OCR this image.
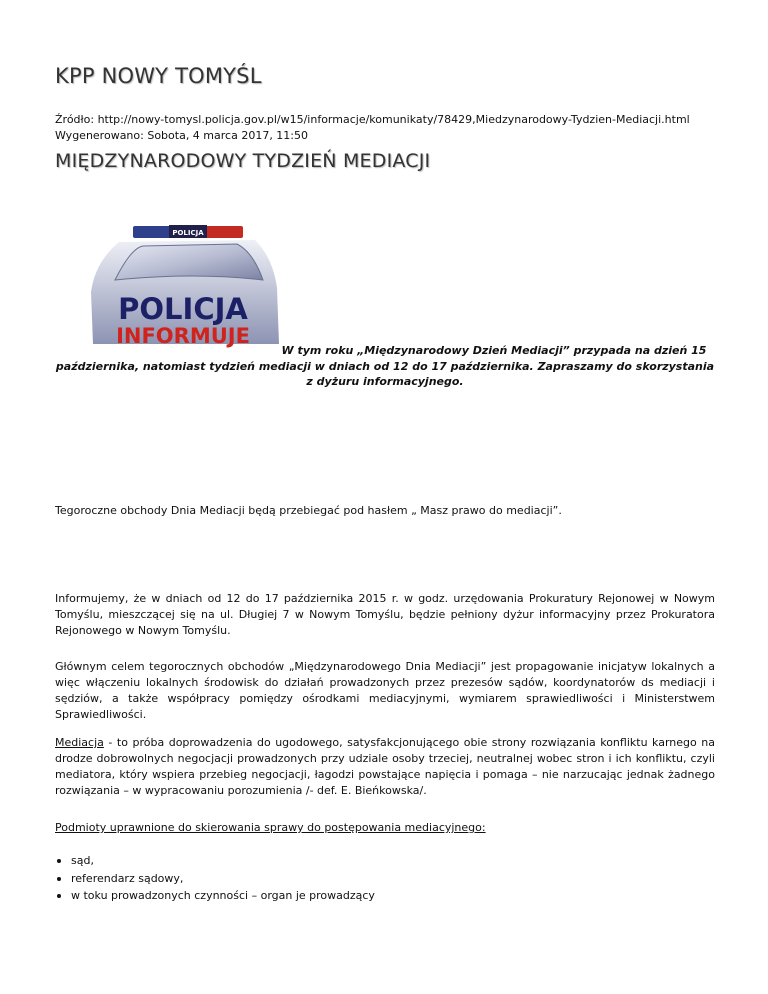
KPP NOWY TOMYŚL
Źródło: http://nowy-tomysl.policja.gov.pl/w15/informacje/komunikaty/78429,Miedzynarodowy-Tydzien-Mediacji.html
Wygenerowano: Sobota, 4 marca 2017, 11:50
MIĘDZYNARODOWY TYDZIEŃ MEDIACJI
POLICJA
POLICJA
INFORMUJE
W tym roku „Międzynarodowy Dzień Mediacji” przypada na dzień 15 października, natomiast tydzień mediacji w dniach od 12 do 17 października. Zapraszamy do skorzystania z dyżuru informacyjnego.

Tegoroczne obchody Dnia Mediacji będą przebiegać pod hasłem „ Masz prawo do mediacji”.

Informujemy, że w dniach od 12 do 17 października 2015 r. w godz. urzędowania Prokuratury Rejonowej w Nowym Tomyślu, mieszczącej się na ul. Długiej 7 w Nowym Tomyślu, będzie pełniony dyżur informacyjny przez Prokuratora Rejonowego w Nowym Tomyślu.

Głównym celem tegorocznych obchodów „Międzynarodowego Dnia Mediacji” jest propagowanie inicjatyw lokalnych a więc włączeniu lokalnych środowisk do działań prowadzonych przez prezesów sądów, koordynatorów ds mediacji i sędziów, a także współpracy pomiędzy ośrodkami mediacyjnymi, wymiarem sprawiedliwości i Ministerstwem Sprawiedliwości.

Mediacja - to próba doprowadzenia do ugodowego, satysfakcjonującego obie strony rozwiązania konfliktu karnego na drodze dobrowolnych negocjacji prowadzonych przy udziale osoby trzeciej, neutralnej wobec stron i ich konfliktu, czyli mediatora, który wspiera przebieg negocjacji, łagodzi powstające napięcia i pomaga – nie narzucając jednak żadnego rozwiązania – w wypracowaniu porozumienia /- def. E. Bieńkowska/.

Podmioty uprawnione do skierowania sprawy do postępowania mediacyjnego:

sąd,
referendarz sądowy,
w toku prowadzonych czynności – organ je prowadzący
